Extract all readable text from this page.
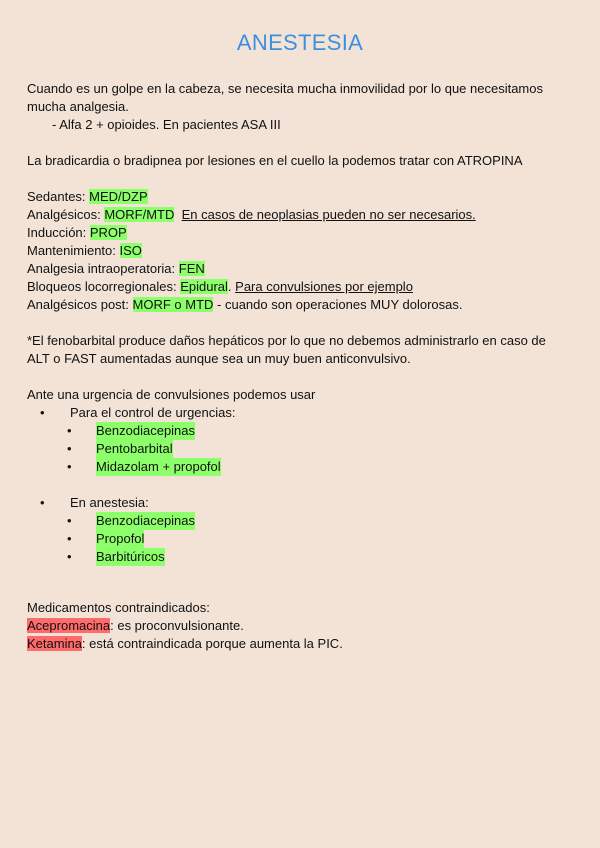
ANESTESIA
Cuando es un golpe en la cabeza, se necesita mucha inmovilidad por lo que necesitamos
mucha analgesia.
- Alfa 2 + opioides. En pacientes ASA III
La bradicardia o bradipnea por lesiones en el cuello la podemos tratar con ATROPINA
Sedantes: MED/DZP
Analgésicos: MORF/MTD En casos de neoplasias pueden no ser necesarios.
Inducción: PROP
Mantenimiento: ISO
Analgesia intraoperatoria: FEN
Bloqueos locorregionales: Epidural. Para convulsiones por ejemplo
Analgésicos post: MORF o MTD - cuando son operaciones MUY dolorosas.
*El fenobarbital produce daños hepáticos por lo que no debemos administrarlo en caso de
ALT o FAST aumentadas aunque sea un muy buen anticonvulsivo.
Ante una urgencia de convulsiones podemos usar
• Para el control de urgencias:
• Benzodiacepinas
• Pentobarbital
• Midazolam + propofol
• En anestesia:
• Benzodiacepinas
• Propofol
• Barbitúricos
Medicamentos contraindicados:
Acepromacina: es proconvulsionante.
Ketamina: está contraindicada porque aumenta la PIC.
